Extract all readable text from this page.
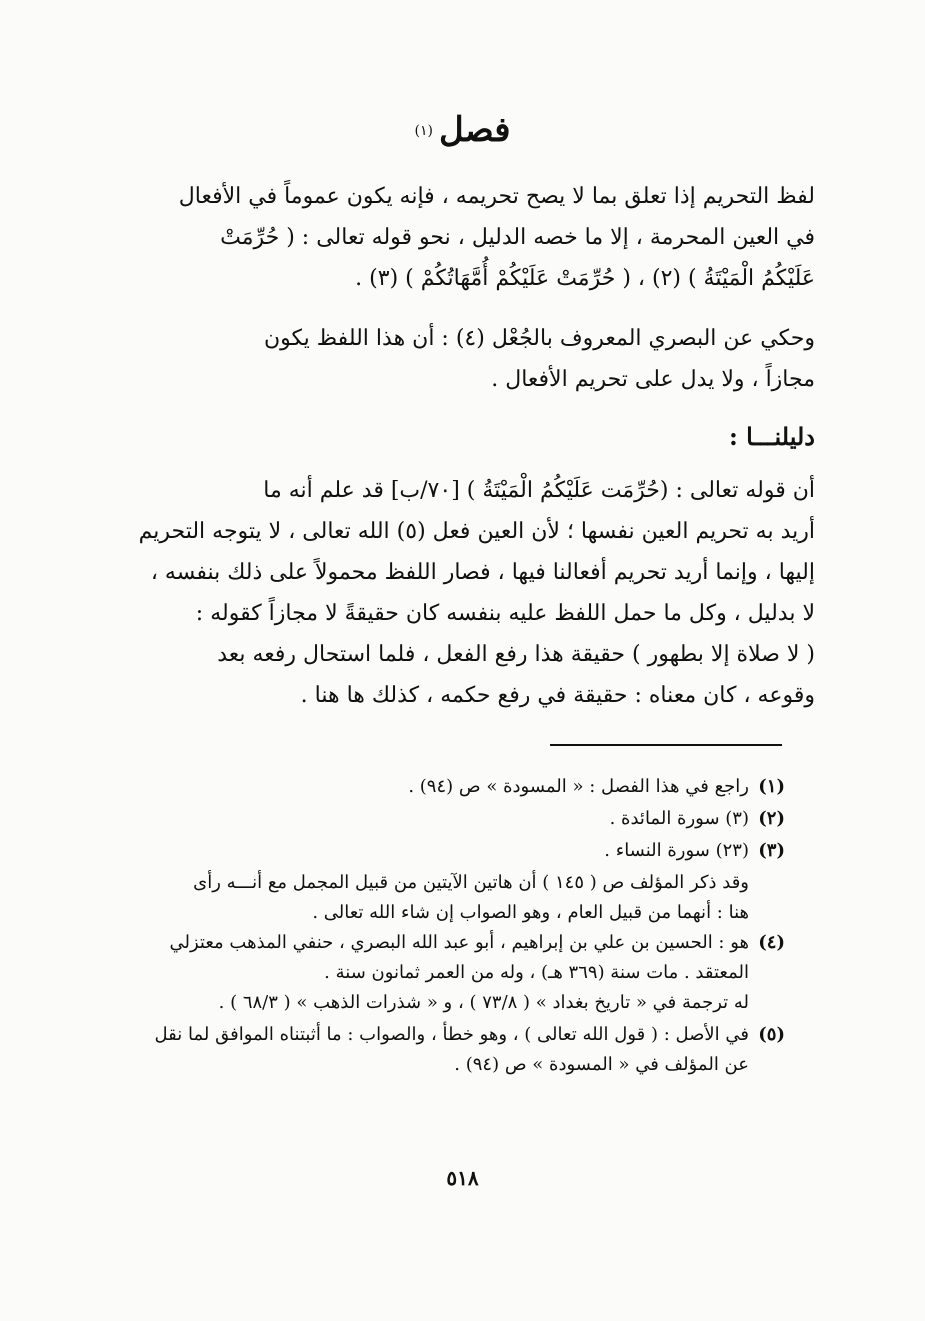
فصل(١)

لفظ التحريم إذا تعلق بما لا يصح تحريمه ، فإنه يكون عموماً في الأفعال

في العين المحرمة ، إلا ما خصه الدليل ، نحو قوله تعالى : ( حُرِّمَتْ

عَلَيْكُمُ الْمَيْتَةُ ) (٢) ، ( حُرِّمَتْ عَلَيْكُمْ أُمَّهَاتُكُمْ ) (٣) .

وحكي عن البصري المعروف بالجُعْل (٤) : أن هذا اللفظ يكون

مجازاً ، ولا يدل على تحريم الأفعال .

دليلنـــا :

أن قوله تعالى : (حُرِّمَت عَلَيْكُمُ الْمَيْتَةُ ) [٧٠/ب] قد علم أنه ما

أريد به تحريم العين نفسها ؛ لأن العين فعل (٥) الله تعالى ، لا يتوجه التحريم

إليها ، وإنما أريد تحريم أفعالنا فيها ، فصار اللفظ محمولاً على ذلك بنفسه ،

لا بدليل ، وكل ما حمل اللفظ عليه بنفسه كان حقيقةً لا مجازاً كقوله :

( لا صلاة إلا بطهور ) حقيقة هذا رفع الفعل ، فلما استحال رفعه بعد

وقوعه ، كان معناه : حقيقة في رفع حكمه ، كذلك ها هنا .

(١)
راجع في هذا الفصل : « المسودة » ص (٩٤) .
(٢)
(٣) سورة المائدة .
(٣)
(٢٣) سورة النساء .
وقد ذكر المؤلف ص ( ١٤٥ ) أن هاتين الآيتين من قبيل المجمل مع أنـــه رأى
هنا : أنهما من قبيل العام ، وهو الصواب إن شاء الله تعالى .
(٤)
هو : الحسين بن علي بن إبراهيم ، أبو عبد الله البصري ، حنفي المذهب معتزلي
المعتقد . مات سنة (٣٦٩ هـ) ، وله من العمر ثمانون سنة .
له ترجمة في « تاريخ بغداد » ( ٧٣/٨ ) ، و « شذرات الذهب » ( ٦٨/٣ ) .
(٥)
في الأصل : ( قول الله تعالى ) ، وهو خطأ ، والصواب : ما أثبتناه الموافق لما نقل
عن المؤلف في « المسودة » ص (٩٤) .
٥١٨
